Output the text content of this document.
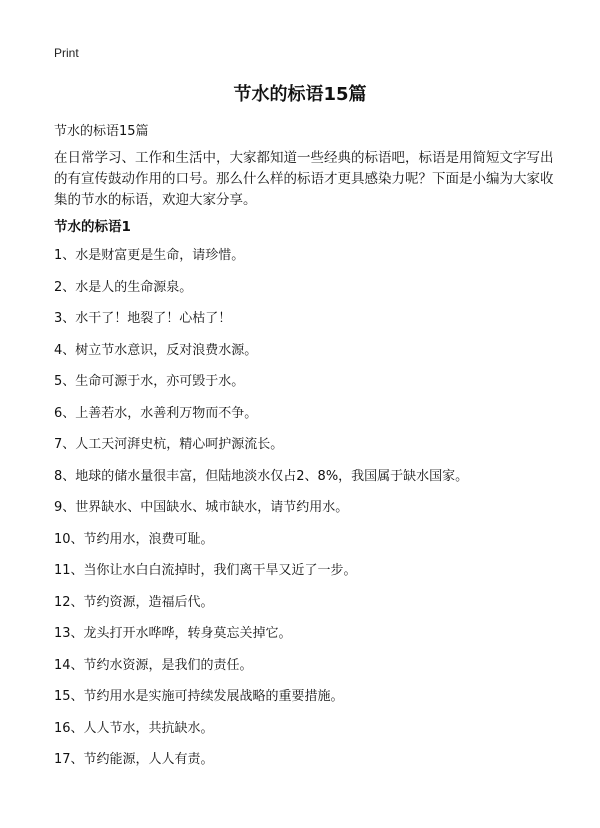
Print
节水的标语15篇

节水的标语15篇

在日常学习、工作和生活中，大家都知道一些经典的标语吧，标语是用简短文字写出的有宣传鼓动作用的口号。那么什么样的标语才更具感染力呢？下面是小编为大家收集的节水的标语，欢迎大家分享。

节水的标语1
1、水是财富更是生命，请珍惜。
2、水是人的生命源泉。
3、水干了！地裂了！心枯了！
4、树立节水意识，反对浪费水源。
5、生命可源于水，亦可毁于水。
6、上善若水，水善利万物而不争。
7、人工天河湃史杭，精心呵护源流长。
8、地球的储水量很丰富，但陆地淡水仅占2、8%，我国属于缺水国家。
9、世界缺水、中国缺水、城市缺水，请节约用水。
10、节约用水，浪费可耻。
11、当你让水白白流掉时，我们离干旱又近了一步。
12、节约资源，造福后代。
13、龙头打开水哗哗，转身莫忘关掉它。
14、节约水资源，是我们的责任。
15、节约用水是实施可持续发展战略的重要措施。
16、人人节水，共抗缺水。
17、节约能源，人人有责。
